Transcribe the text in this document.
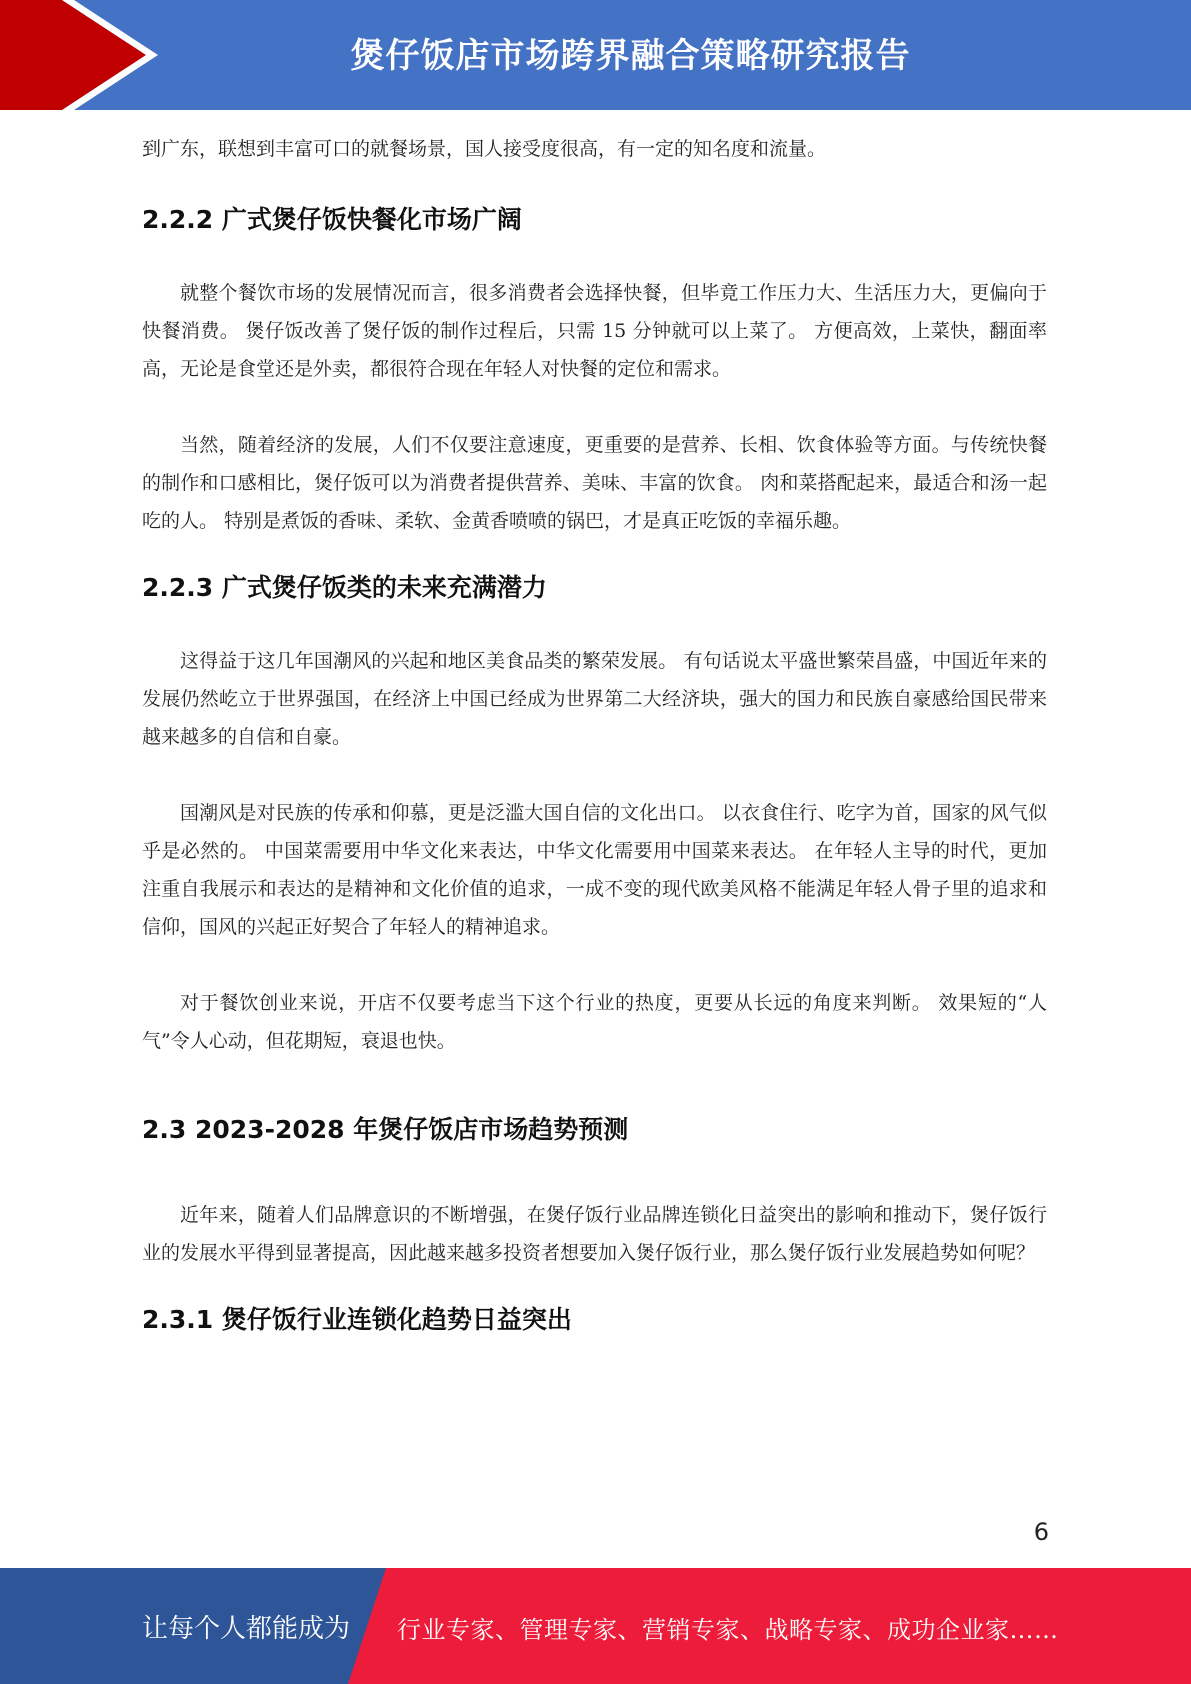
煲仔饭店市场跨界融合策略研究报告

到广东，联想到丰富可口的就餐场景，国人接受度很高，有一定的知名度和流量。

2.2.2 广式煲仔饭快餐化市场广阔

就整个餐饮市场的发展情况而言，很多消费者会选择快餐，但毕竟工作压力大、生活压力大，更偏向于快餐消费。 煲仔饭改善了煲仔饭的制作过程后，只需 15 分钟就可以上菜了。 方便高效，上菜快，翻面率高，无论是食堂还是外卖，都很符合现在年轻人对快餐的定位和需求。

当然，随着经济的发展，人们不仅要注意速度，更重要的是营养、长相、饮食体验等方面。与传统快餐的制作和口感相比，煲仔饭可以为消费者提供营养、美味、丰富的饮食。 肉和菜搭配起来，最适合和汤一起吃的人。 特别是煮饭的香味、柔软、金黄香喷喷的锅巴，才是真正吃饭的幸福乐趣。

2.2.3 广式煲仔饭类的未来充满潜力

这得益于这几年国潮风的兴起和地区美食品类的繁荣发展。 有句话说太平盛世繁荣昌盛，中国近年来的发展仍然屹立于世界强国，在经济上中国已经成为世界第二大经济块，强大的国力和民族自豪感给国民带来越来越多的自信和自豪。

国潮风是对民族的传承和仰慕，更是泛滥大国自信的文化出口。 以衣食住行、吃字为首，国家的风气似乎是必然的。 中国菜需要用中华文化来表达，中华文化需要用中国菜来表达。 在年轻人主导的时代，更加注重自我展示和表达的是精神和文化价值的追求，一成不变的现代欧美风格不能满足年轻人骨子里的追求和信仰，国风的兴起正好契合了年轻人的精神追求。

对于餐饮创业来说，开店不仅要考虑当下这个行业的热度，更要从长远的角度来判断。 效果短的“人气”令人心动，但花期短，衰退也快。

2.3 2023-2028 年煲仔饭店市场趋势预测

近年来，随着人们品牌意识的不断增强，在煲仔饭行业品牌连锁化日益突出的影响和推动下，煲仔饭行业的发展水平得到显著提高，因此越来越多投资者想要加入煲仔饭行业，那么煲仔饭行业发展趋势如何呢？

2.3.1 煲仔饭行业连锁化趋势日益突出
6
让每个人都能成为 行业专家、管理专家、营销专家、战略专家、成功企业家……
